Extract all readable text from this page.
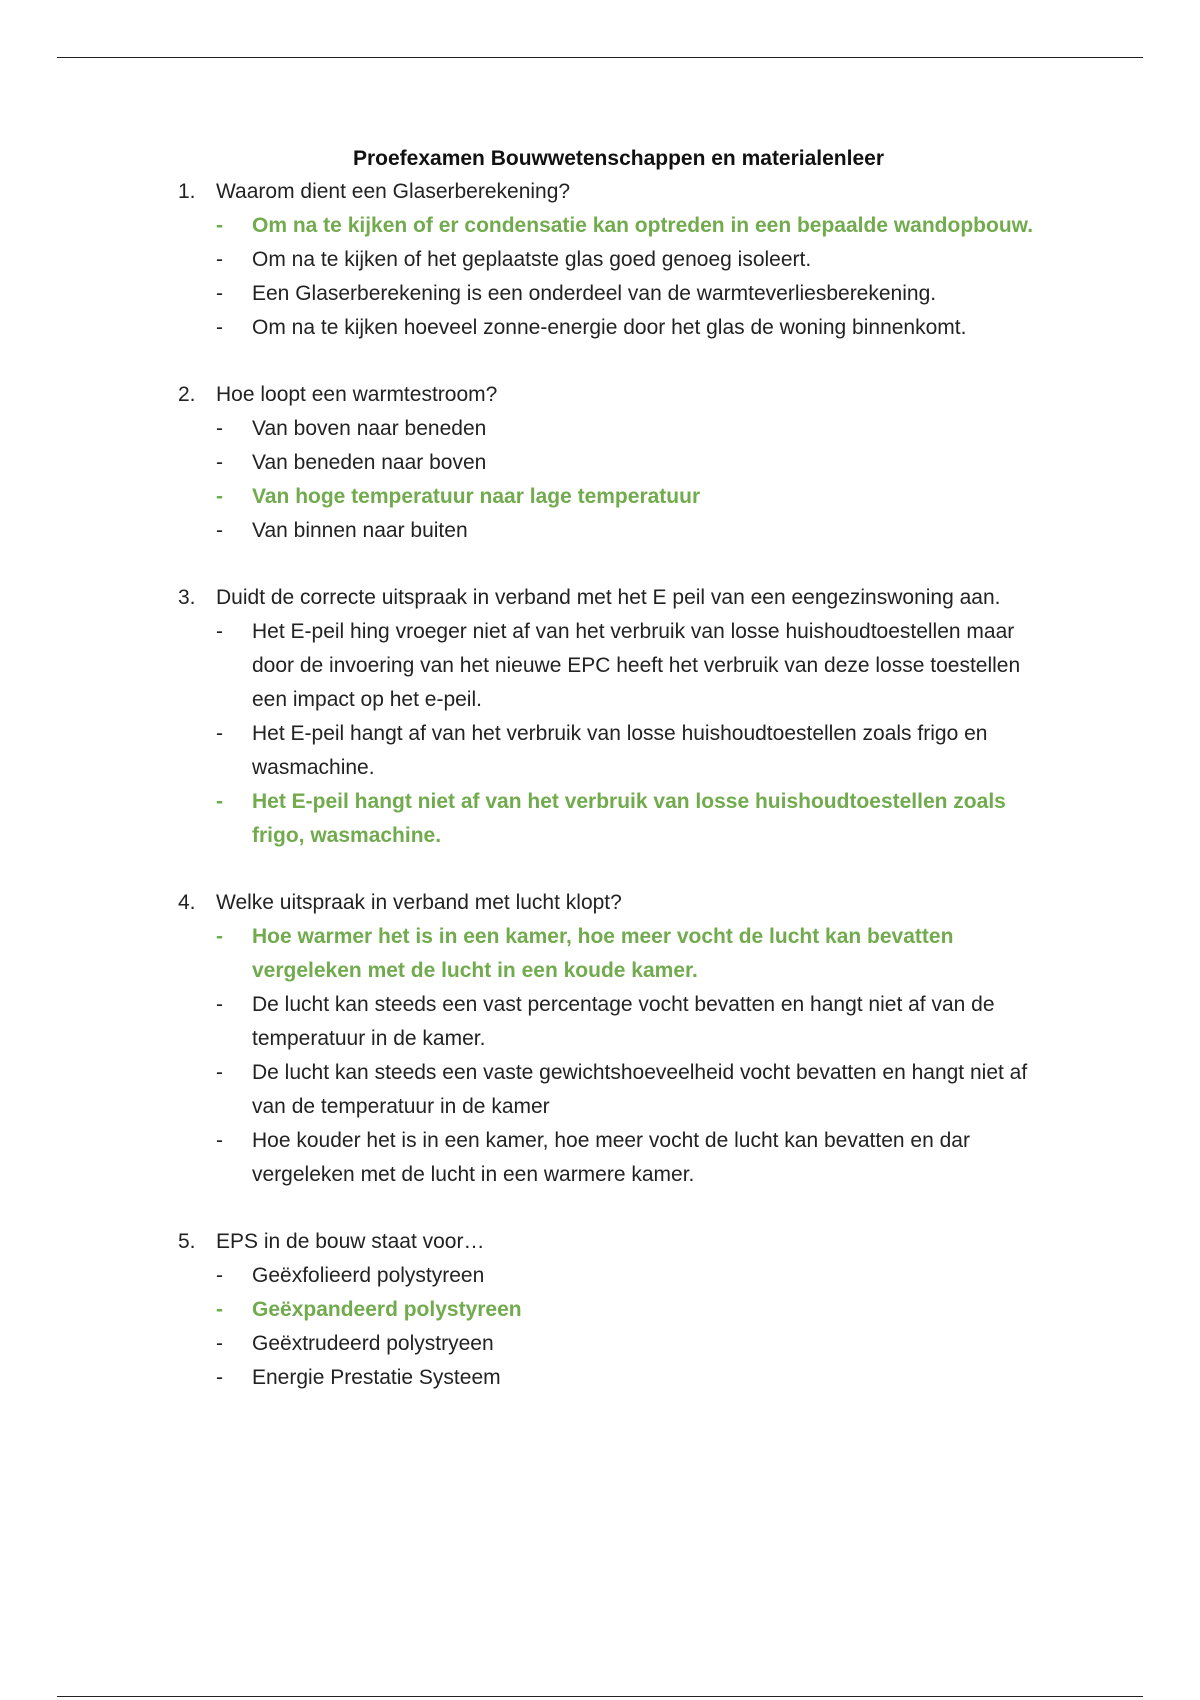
Proefexamen Bouwwetenschappen en materialenleer
1. Waarom dient een Glaserberekening?
- Om na te kijken of er condensatie kan optreden in een bepaalde wandopbouw.
- Om na te kijken of het geplaatste glas goed genoeg isoleert.
- Een Glaserberekening is een onderdeel van de warmteverliesberekening.
- Om na te kijken hoeveel zonne-energie door het glas de woning binnenkomt.
2. Hoe loopt een warmtestroom?
- Van boven naar beneden
- Van beneden naar boven
- Van hoge temperatuur naar lage temperatuur
- Van binnen naar buiten
3. Duidt de correcte uitspraak in verband met het E peil van een eengezinswoning aan.
- Het E-peil hing vroeger niet af van het verbruik van losse huishoudtoestellen maar door de invoering van het nieuwe EPC heeft het verbruik van deze losse toestellen een impact op het e-peil.
- Het E-peil hangt af van het verbruik van losse huishoudtoestellen zoals frigo en wasmachine.
- Het E-peil hangt niet af van het verbruik van losse huishoudtoestellen zoals frigo, wasmachine.
4. Welke uitspraak in verband met lucht klopt?
- Hoe warmer het is in een kamer, hoe meer vocht de lucht kan bevatten vergeleken met de lucht in een koude kamer.
- De lucht kan steeds een vast percentage vocht bevatten en hangt niet af van de temperatuur in de kamer.
- De lucht kan steeds een vaste gewichtshoeveelheid vocht bevatten en hangt niet af van de temperatuur in de kamer
- Hoe kouder het is in een kamer, hoe meer vocht de lucht kan bevatten en dar vergeleken met de lucht in een warmere kamer.
5. EPS in de bouw staat voor…
- Geëxfolieerd polystyreen
- Geëxpandeerd polystyreen
- Geëxtrudeerd polystryeen
- Energie Prestatie Systeem
